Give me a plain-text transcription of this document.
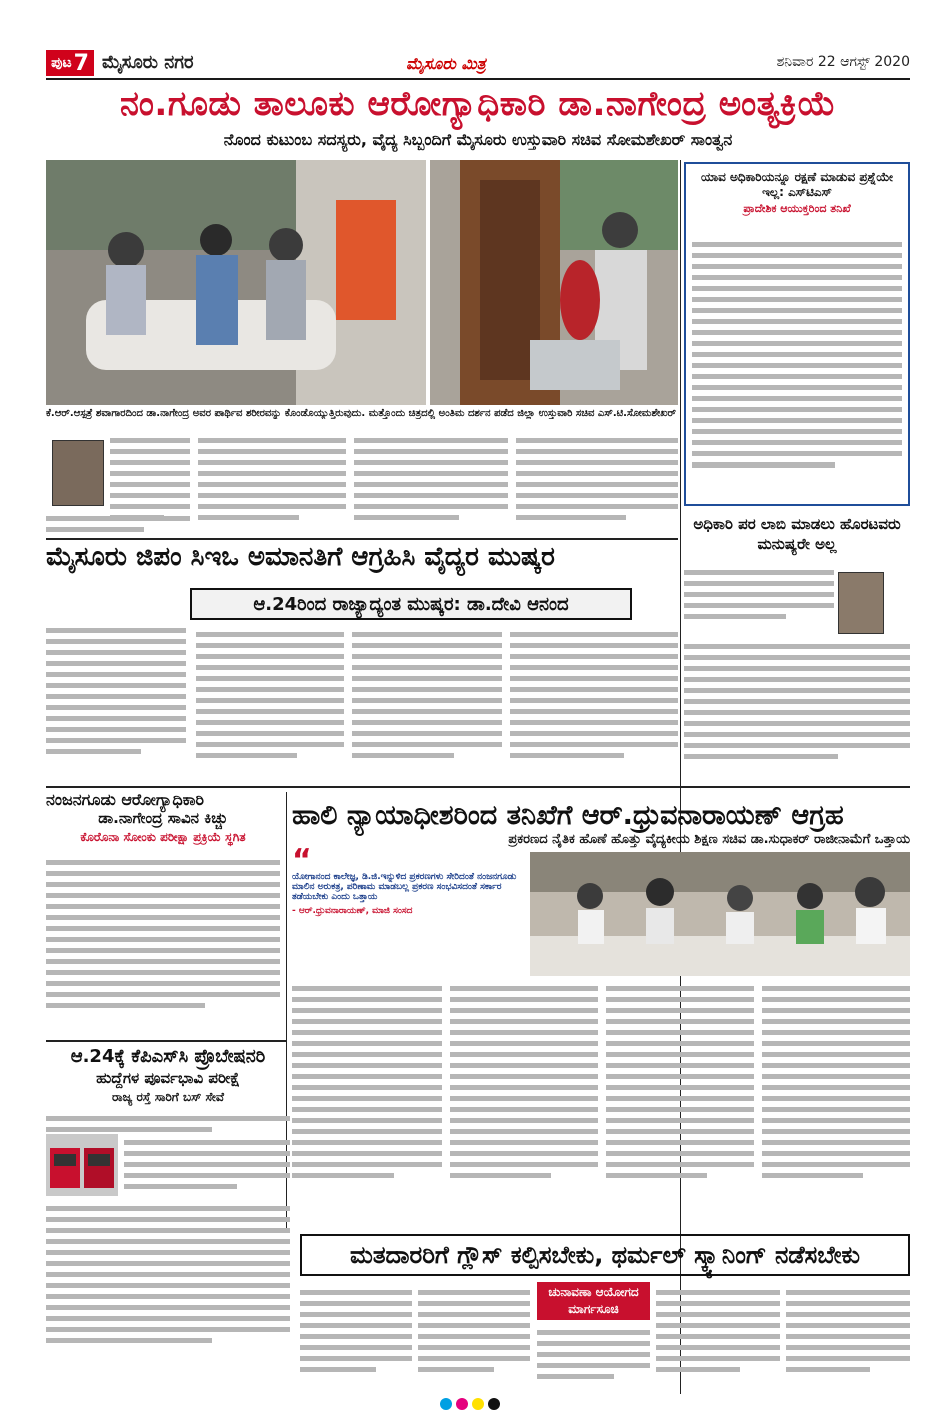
ಪುಟ 7 ಮೈಸೂರು ನಗರ	ಮೈಸೂರು ಮಿತ್ರ	ಶನಿವಾರ 22 ಆಗಸ್ಟ್ 2020
ನಂ.ಗೂಡು ತಾಲೂಕು ಆರೋಗ್ಯಾಧಿಕಾರಿ ಡಾ.ನಾಗೇಂದ್ರ ಅಂತ್ಯಕ್ರಿಯೆ
ನೊಂದ ಕುಟುಂಬ ಸದಸ್ಯರು, ವೈದ್ಯ ಸಿಬ್ಬಂದಿಗೆ ಮೈಸೂರು ಉಸ್ತುವಾರಿ ಸಚಿವ ಸೋಮಶೇಖರ್ ಸಾಂತ್ವನ
ಕೆ.ಆರ್.ಆಸ್ಪತ್ರೆ ಶವಾಗಾರದಿಂದ ಡಾ.ನಾಗೇಂದ್ರ ಅವರ ಪಾರ್ಥಿವ ಶರೀರವನ್ನು ಕೊಂಡೊಯ್ಯುತ್ತಿರುವುದು. ಮತ್ತೊಂದು ಚಿತ್ರದಲ್ಲಿ ಅಂತಿಮ ದರ್ಶನ ಪಡೆದ ಜಿಲ್ಲಾ ಉಸ್ತುವಾರಿ ಸಚಿವ ಎಸ್.ಟಿ.ಸೋಮಶೇಖರ್
ಯಾವ ಅಧಿಕಾರಿಯನ್ನೂ ರಕ್ಷಣೆ ಮಾಡುವ ಪ್ರಶ್ನೆಯೇ ಇಲ್ಲ: ಎಸ್‌ಟಿಎಸ್
ಪ್ರಾದೇಶಿಕ ಆಯುಕ್ತರಿಂದ ತನಿಖೆ
ಮೈಸೂರು ಜಿಪಂ ಸಿಇಒ ಅಮಾನತಿಗೆ ಆಗ್ರಹಿಸಿ ವೈದ್ಯರ ಮುಷ್ಕರ
ಆ.24ರಿಂದ ರಾಜ್ಯಾದ್ಯಂತ ಮುಷ್ಕರ: ಡಾ.ದೇವಿ ಆನಂದ
ಅಧಿಕಾರಿ ಪರ ಲಾಬಿ ಮಾಡಲು ಹೊರಟವರು ಮನುಷ್ಯರೇ ಅಲ್ಲ
ನಂಜನಗೂಡು ಆರೋಗ್ಯಾಧಿಕಾರಿ
ಡಾ.ನಾಗೇಂದ್ರ ಸಾವಿನ ಕಿಚ್ಚು
ಕೊರೊನಾ ಸೋಂಕು ಪರೀಕ್ಷಾ ಪ್ರಕ್ರಿಯೆ ಸ್ಥಗಿತ
ಹಾಲಿ ನ್ಯಾಯಾಧೀಶರಿಂದ ತನಿಖೆಗೆ ಆರ್.ಧ್ರುವನಾರಾಯಣ್ ಆಗ್ರಹ
ಪ್ರಕರಣದ ನೈತಿಕ ಹೊಣೆ ಹೊತ್ತು ವೈದ್ಯಕೀಯ ಶಿಕ್ಷಣ ಸಚಿವ ಡಾ.ಸುಧಾಕರ್ ರಾಜೀನಾಮೆಗೆ ಒತ್ತಾಯ
“
ಯೋಗಾನಂದ ಕಾಲೇಜ್ಞ, ಡಿ.ಜಿ.ಇನ್ನುಳಿದ ಪ್ರಕರಣಗಳು ಸೇರಿದಂತೆ ನಂಜನಗೂಡು ಮಾಲಿನ ಅರುಕತ್ರ, ಪರಿಣಾಮ ಮಾಡಬಲ್ಲ ಪ್ರಕರಣ ಸಂಭವಿಸದಂತೆ ಸರ್ಕಾರ ತಡೆಯಬೇಕು ಎಂದು ಒತ್ತಾಯ
- ಆರ್.ಧ್ರುವನಾರಾಯಣ್, ಮಾಜಿ ಸಂಸದ
ಆ.24ಕ್ಕೆ ಕೆಪಿಎಸ್‌ಸಿ ಪ್ರೊಬೇಷನರಿ
ಹುದ್ದೆಗಳ ಪೂರ್ವಭಾವಿ ಪರೀಕ್ಷೆ
ರಾಜ್ಯ ರಸ್ತೆ ಸಾರಿಗೆ ಬಸ್ ಸೇವೆ
ಮತದಾರರಿಗೆ ಗ್ಲೌಸ್ ಕಲ್ಪಿಸಬೇಕು, ಥರ್ಮಲ್ ಸ್ಕ್ಯಾನಿಂಗ್ ನಡೆಸಬೇಕು
ಚುನಾವಣಾ ಆಯೋಗದ ಮಾರ್ಗಸೂಚಿ
